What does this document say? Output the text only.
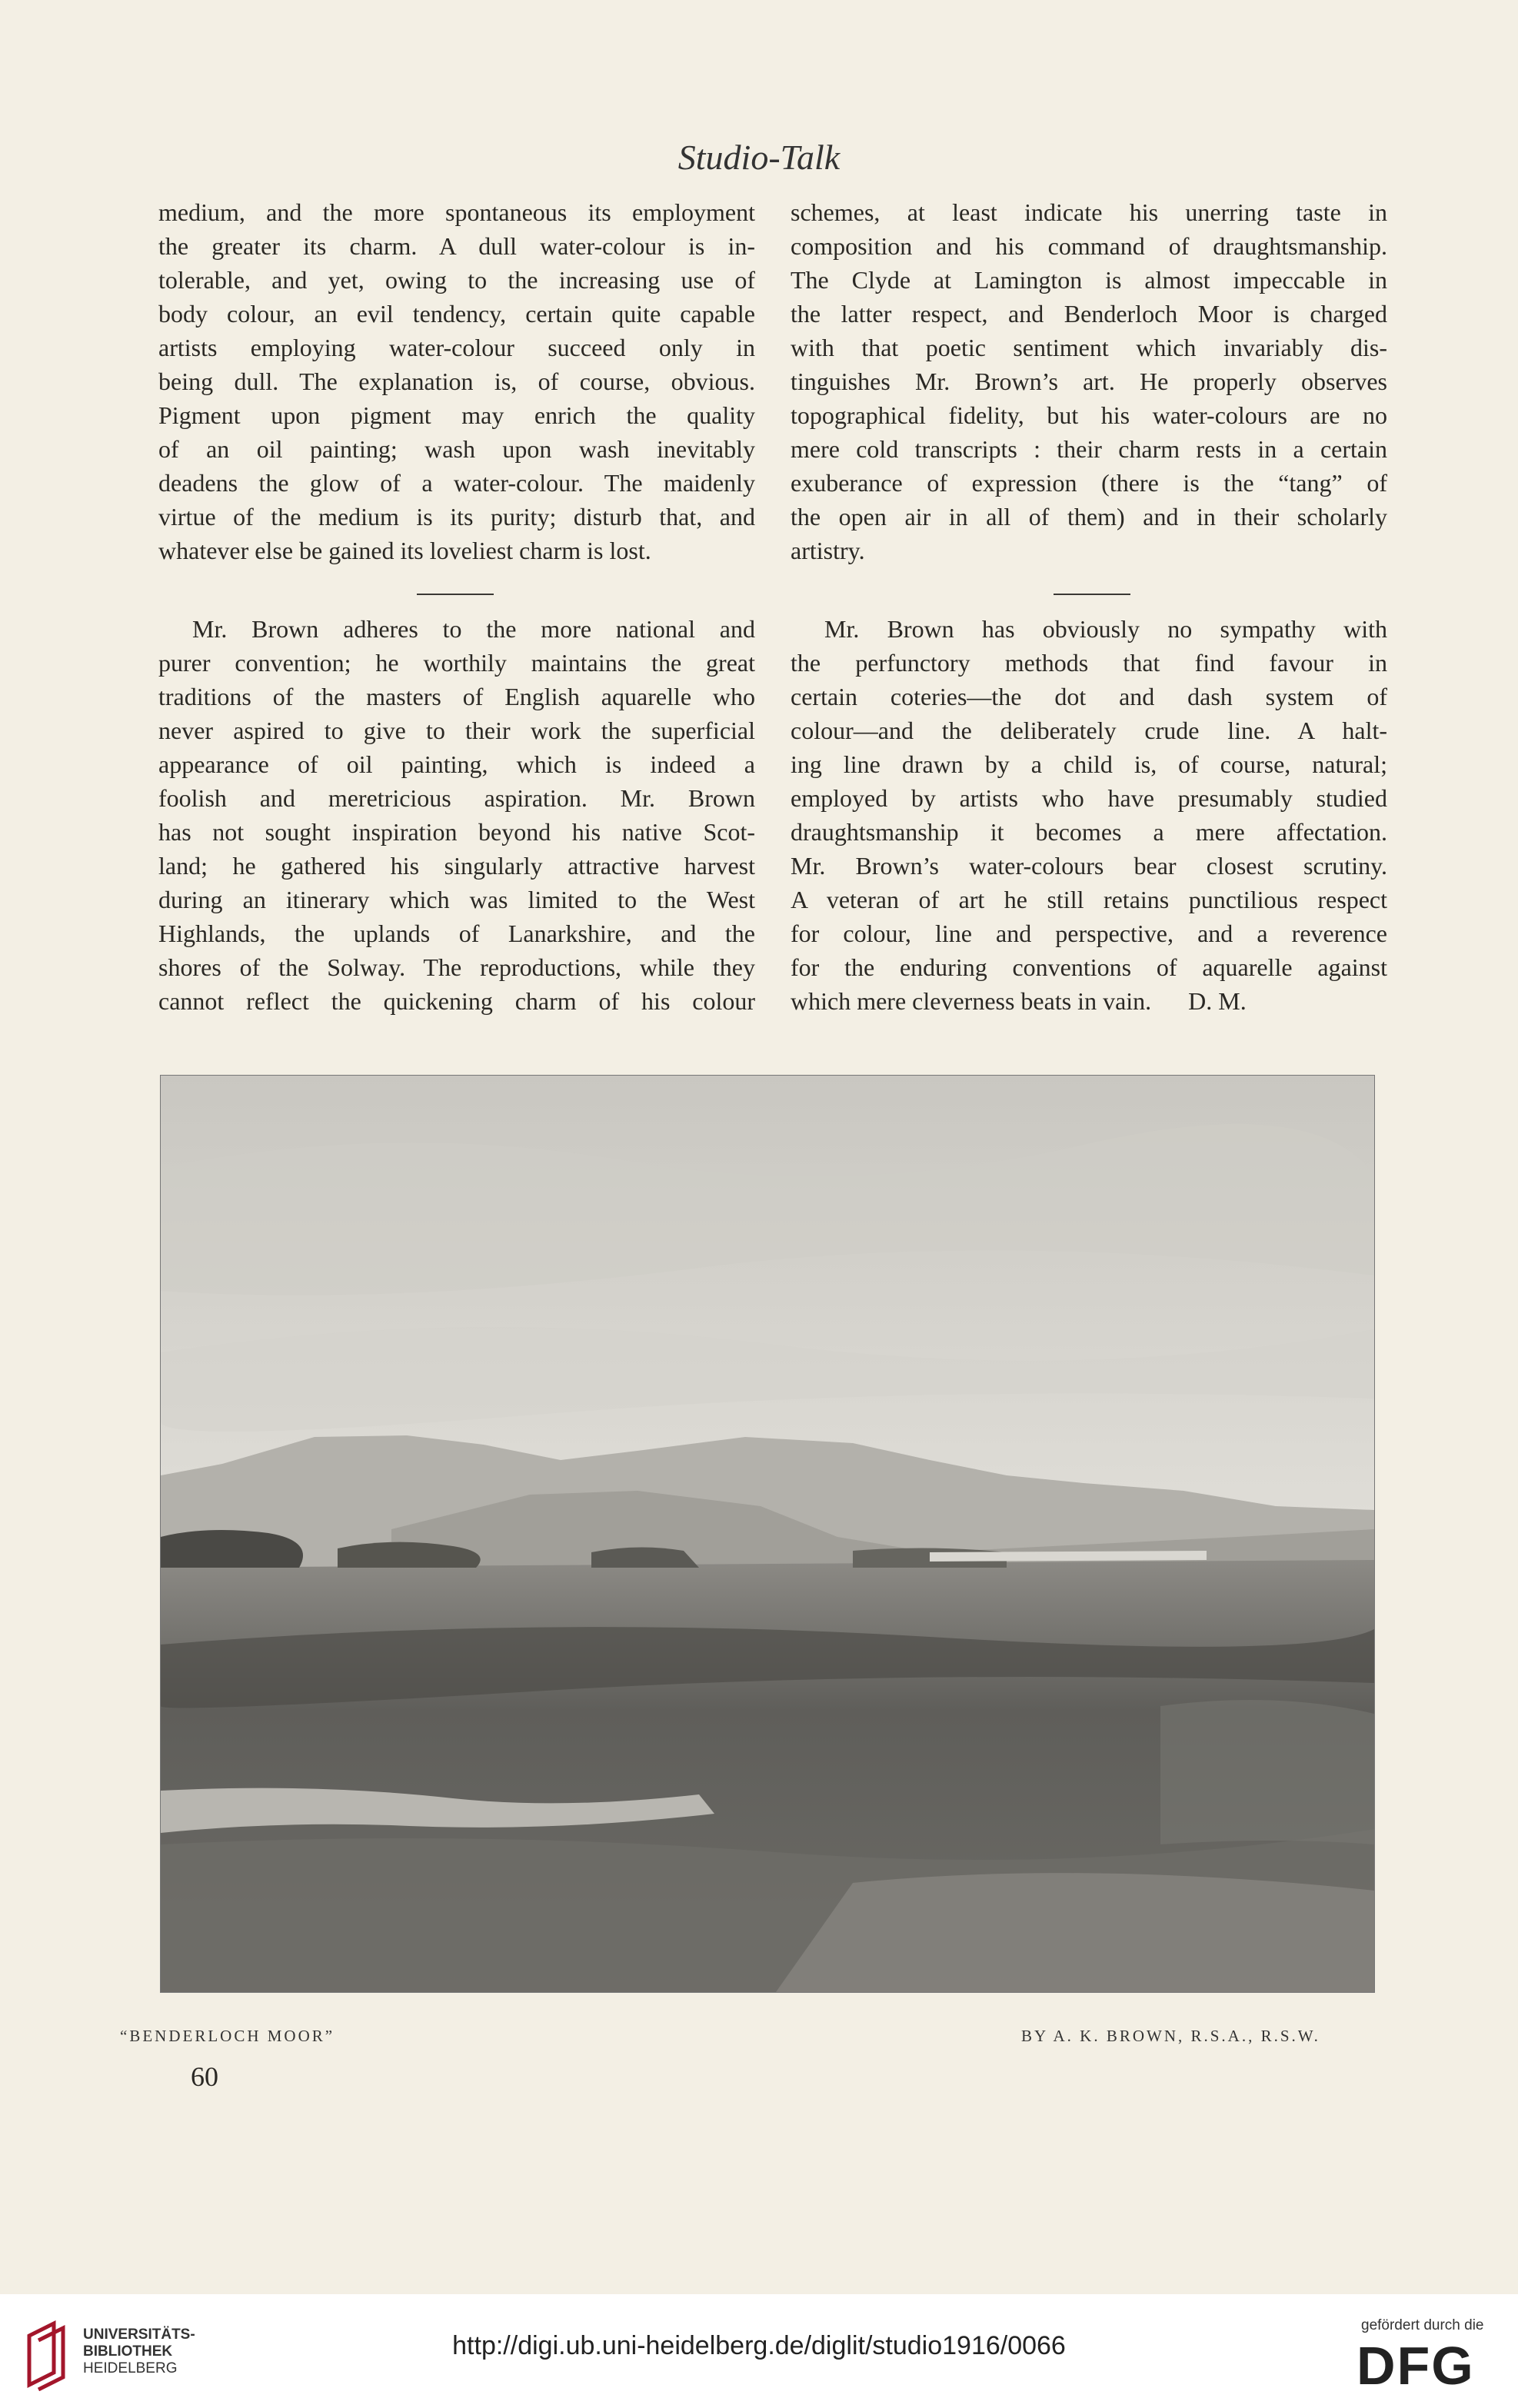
Studio-Talk
medium, and the more spontaneous its employment
the greater its charm. A dull water-colour is in-
tolerable, and yet, owing to the increasing use of
body colour, an evil tendency, certain quite capable
artists employing water-colour succeed only in
being dull. The explanation is, of course, obvious.
Pigment upon pigment may enrich the quality
of an oil painting; wash upon wash inevitably
deadens the glow of a water-colour. The maidenly
virtue of the medium is its purity; disturb that, and
whatever else be gained its loveliest charm is lost.
schemes, at least indicate his unerring taste in
composition and his command of draughtsmanship.
The Clyde at Lamington is almost impeccable in
the latter respect, and Benderloch Moor is charged
with that poetic sentiment which invariably dis-
tinguishes Mr. Brown’s art. He properly observes
topographical fidelity, but his water-colours are no
mere cold transcripts : their charm rests in a certain
exuberance of expression (there is the “tang” of
the open air in all of them) and in their scholarly
artistry.
Mr. Brown adheres to the more national and
purer convention; he worthily maintains the great
traditions of the masters of English aquarelle who
never aspired to give to their work the superficial
appearance of oil painting, which is indeed a
foolish and meretricious aspiration. Mr. Brown
has not sought inspiration beyond his native Scot-
land; he gathered his singularly attractive harvest
during an itinerary which was limited to the West
Highlands, the uplands of Lanarkshire, and the
shores of the Solway. The reproductions, while they
cannot reflect the quickening charm of his colour
Mr. Brown has obviously no sympathy with
the perfunctory methods that find favour in
certain coteries—the dot and dash system of
colour—and the deliberately crude line. A halt-
ing line drawn by a child is, of course, natural;
employed by artists who have presumably studied
draughtsmanship it becomes a mere affectation.
Mr. Brown’s water-colours bear closest scrutiny.
A veteran of art he still retains punctilious respect
for colour, line and perspective, and a reverence
for the enduring conventions of aquarelle against
which mere cleverness beats in vain.      D. M.
“BENDERLOCH MOOR”	BY A. K. BROWN, R.S.A., R.S.W.
60
UNIVERSITÄTS-
BIBLIOTHEK
HEIDELBERG
http://digi.ub.uni-heidelberg.de/diglit/studio1916/0066
gefördert durch die
DFG
